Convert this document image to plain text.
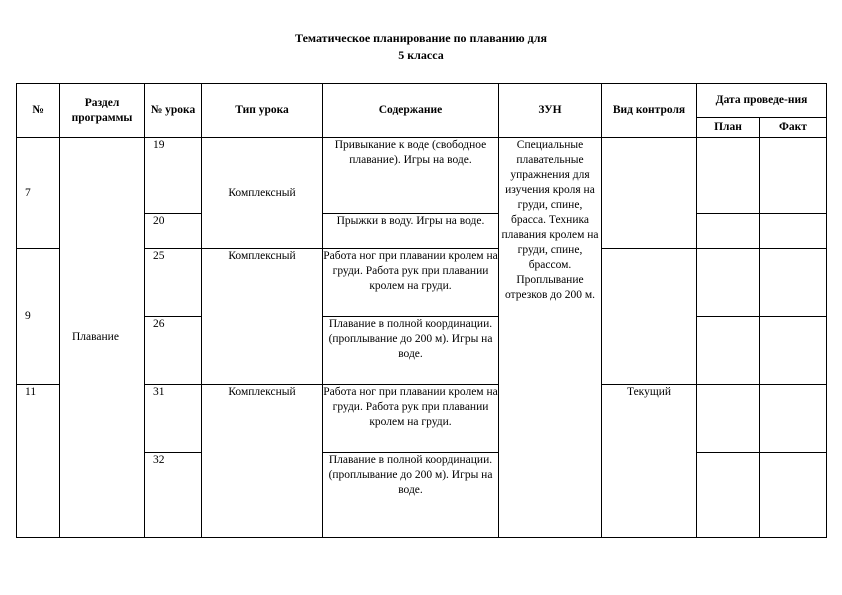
Тематическое планирование по плаванию для
5 класса
№	Раздел программы	№ урока	Тип урока	Содержание	ЗУН	Вид контроля	Дата проведе-ния	
							План	Факт
7	Плавание	19	Комплексный	Привыкание к воде (свободное плавание). Игры на воде.	Специальные плавательные упражнения для изучения кроля на груди, спине, брасса. Техника плавания кролем на груди, спине, брассом. Проплывание отрезков до 200 м.			
		20		Прыжки в воду. Игры на воде.				
9		25	Комплексный	Работа ног при плавании кролем на груди. Работа рук при плавании кролем на груди.				
		26		Плавание в полной координации. (проплывание до 200 м). Игры на воде.				
11		31	Комплексный	Работа ног при плавании кролем на груди. Работа рук при плавании кролем на груди.		Текущий		
		32		Плавание в полной координации. (проплывание до 200 м). Игры на воде.				
